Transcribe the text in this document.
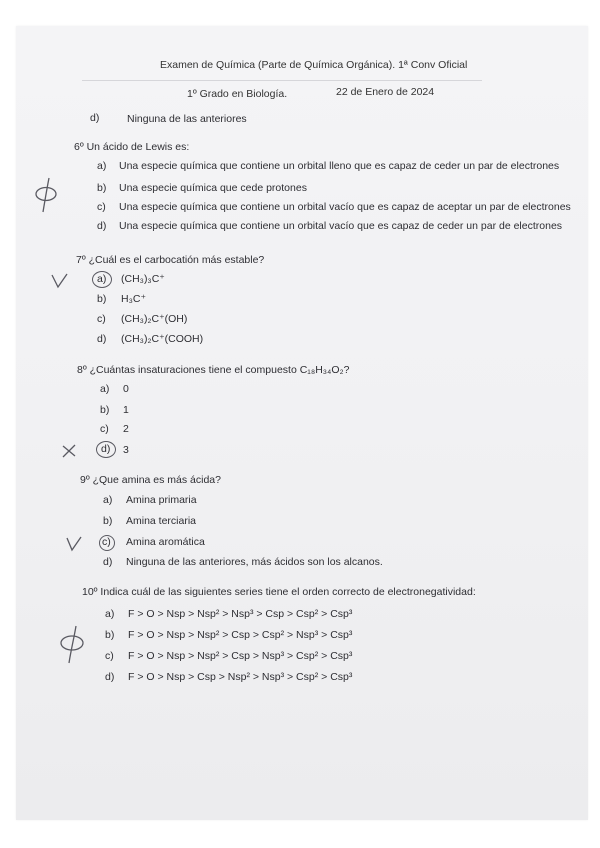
Examen de Química (Parte de Química Orgánica). 1ª Conv Oficial
1º Grado en Biología.	22 de Enero de 2024
d)	Ninguna de las anteriores
6º Un ácido de Lewis es:
a) Una especie química que contiene un orbital lleno que es capaz de ceder un par de electrones
b) Una especie química que cede protones
c) Una especie química que contiene un orbital vacío que es capaz de aceptar un par de electrones
d) Una especie química que contiene un orbital vacío que es capaz de ceder un par de electrones
7º ¿Cuál es el carbocatión más estable?
a) (CH₃)₃C⁺
b) H₃C⁺
c) (CH₃)₂C⁺(OH)
d) (CH₃)₂C⁺(COOH)
8º ¿Cuántas insaturaciones tiene el compuesto C₁₈H₃₄O₂?
a) 0
b) 1
c) 2
d) 3
9º ¿Que amina es más ácida?
a) Amina primaria
b) Amina terciaria
c) Amina aromática
d) Ninguna de las anteriores, más ácidos son los alcanos.
10º Indica cuál de las siguientes series tiene el orden correcto de electronegatividad:
a) F > O > Nsp > Nsp² > Nsp³ > Csp > Csp² > Csp³
b) F > O > Nsp > Nsp² > Csp > Csp² > Nsp³ > Csp³
c) F > O > Nsp > Nsp² > Csp > Nsp³ > Csp² > Csp³
d) F > O > Nsp > Csp > Nsp² > Nsp³ > Csp² > Csp³
